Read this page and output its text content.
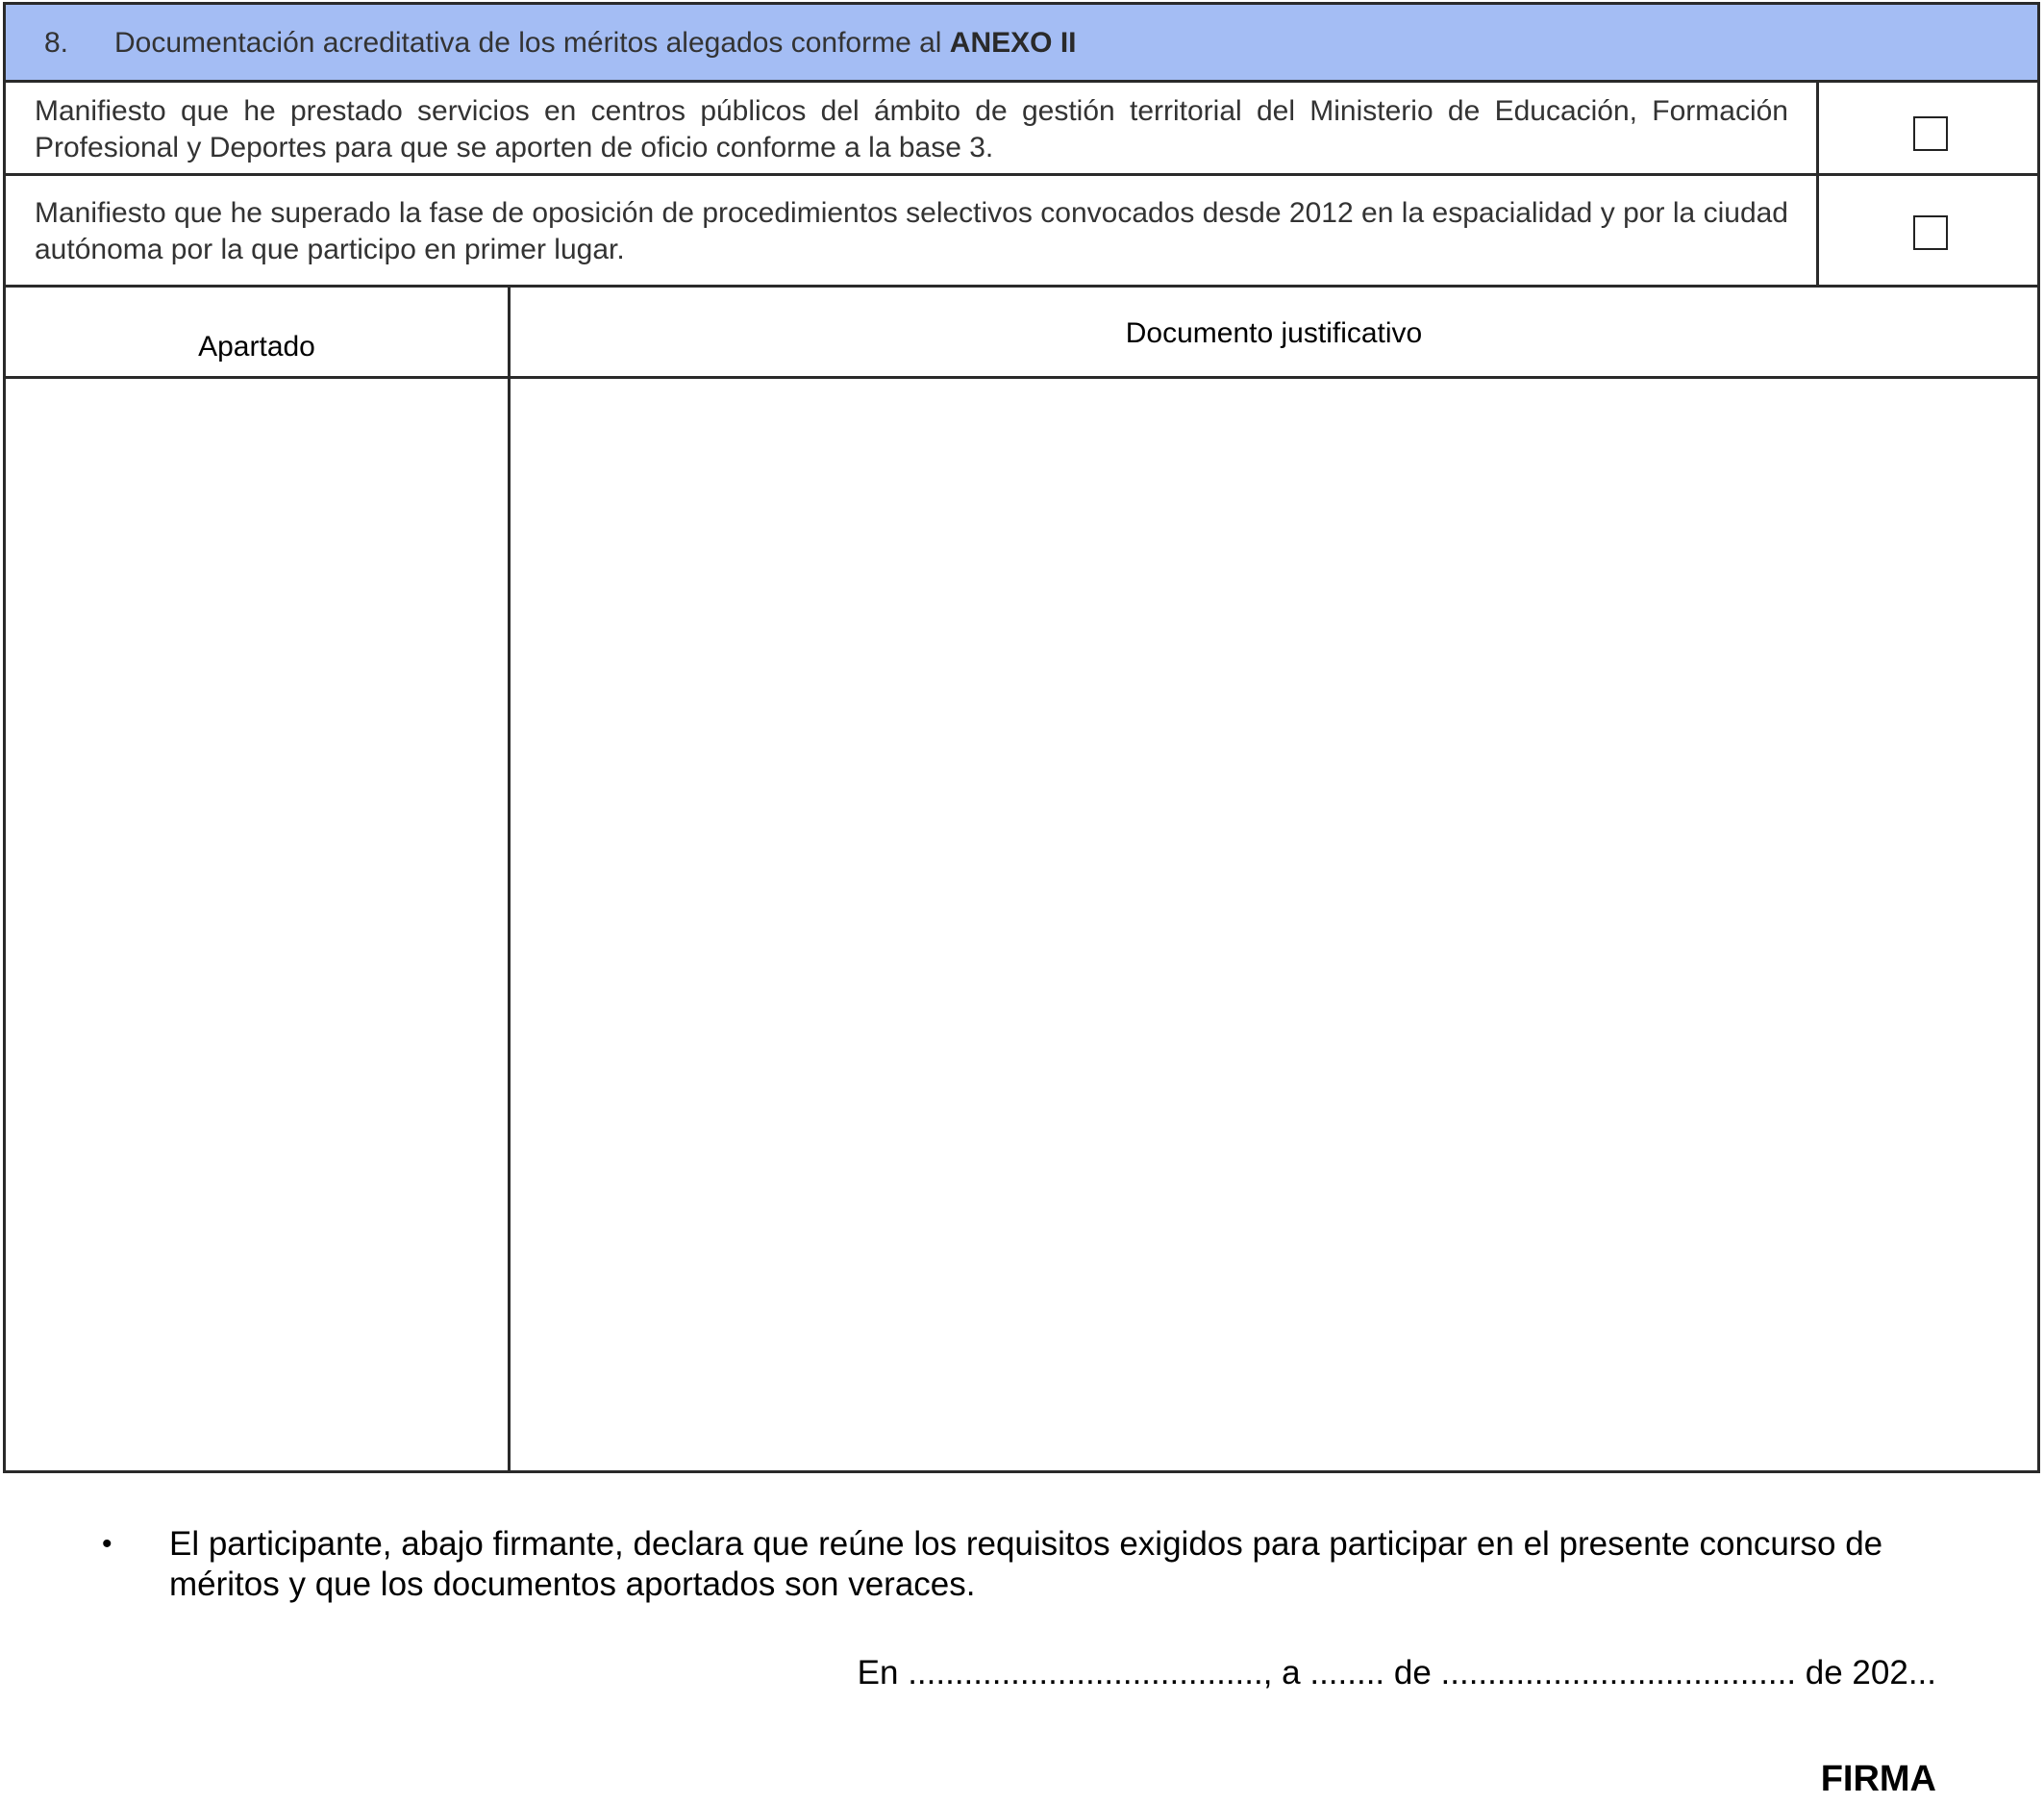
8. Documentación acreditativa de los méritos alegados conforme al ANEXO II
Manifiesto que he prestado servicios en centros públicos del ámbito de gestión territorial del Ministerio de Educación, Formación Profesional y Deportes para que se aporten de oficio conforme a la base 3.
Manifiesto que he superado la fase de oposición de procedimientos selectivos convocados desde 2012 en la espacialidad y por la ciudad autónoma por la que participo en primer lugar.
Apartado	Documento justificativo
• El participante, abajo firmante, declara que reúne los requisitos exigidos para participar en el presente concurso de méritos y que los documentos aportados son veraces.
En ......................................, a ........ de ...................................... de 202...
FIRMA
